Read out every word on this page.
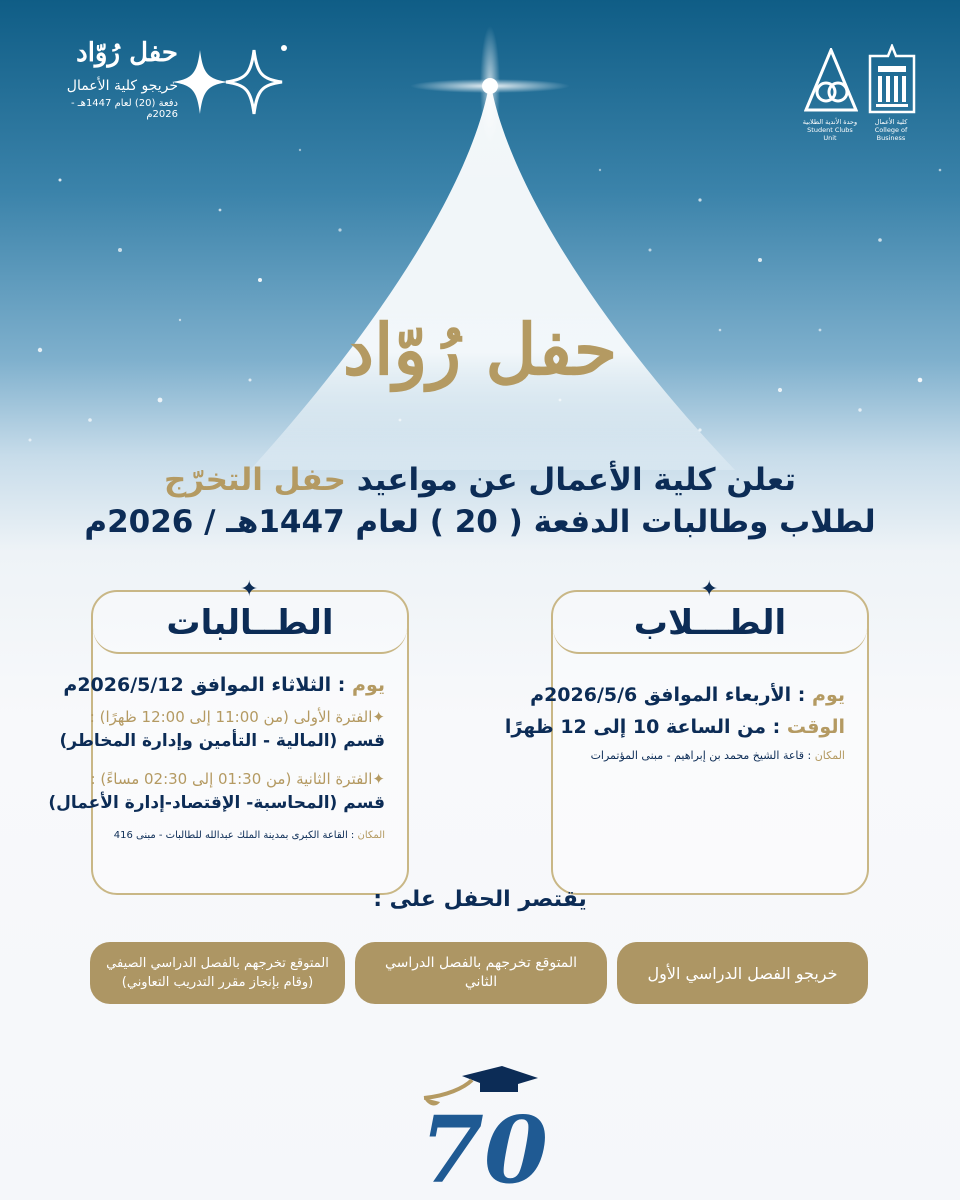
حفل رُوّاد
خريجو كلية الأعمال
دفعة (20) لعام 1447هـ - 2026م
وحدة الأندية الطلابية
Student Clubs Unit
كلية الأعمال
College of Business
حفل رُوّاد
تعلن كلية الأعمال عن مواعيد حفل التخرّج
لطلاب وطالبات الدفعة ( 20 ) لعام 1447هـ / 2026م
✦
الطــالبات
يوم : الثلاثاء الموافق 2026/5/12م
✦الفترة الأولى (من 11:00 إلى 12:00 ظهرًا) :
قسم (المالية - التأمين وإدارة المخاطر)
✦الفترة الثانية (من 01:30 إلى 02:30 مساءً) :
قسم (المحاسبة- الإقتصاد-إدارة الأعمال)
المكان : القاعة الكبرى بمدينة الملك عبدالله للطالبات - مبنى 416
✦
الطـــلاب
يوم : الأربعاء الموافق 2026/5/6م
الوقت : من الساعة 10 إلى 12 ظهرًا
المكان : قاعة الشيخ محمد بن إبراهيم - مبنى المؤتمرات
يقتصر الحفل على :
خريجو الفصل الدراسي الأول
المتوقع تخرجهم بالفصل الدراسي الثاني
المتوقع تخرجهم بالفصل الدراسي الصيفي (وقام بإنجاز مقرر التدريب التعاوني)
70
